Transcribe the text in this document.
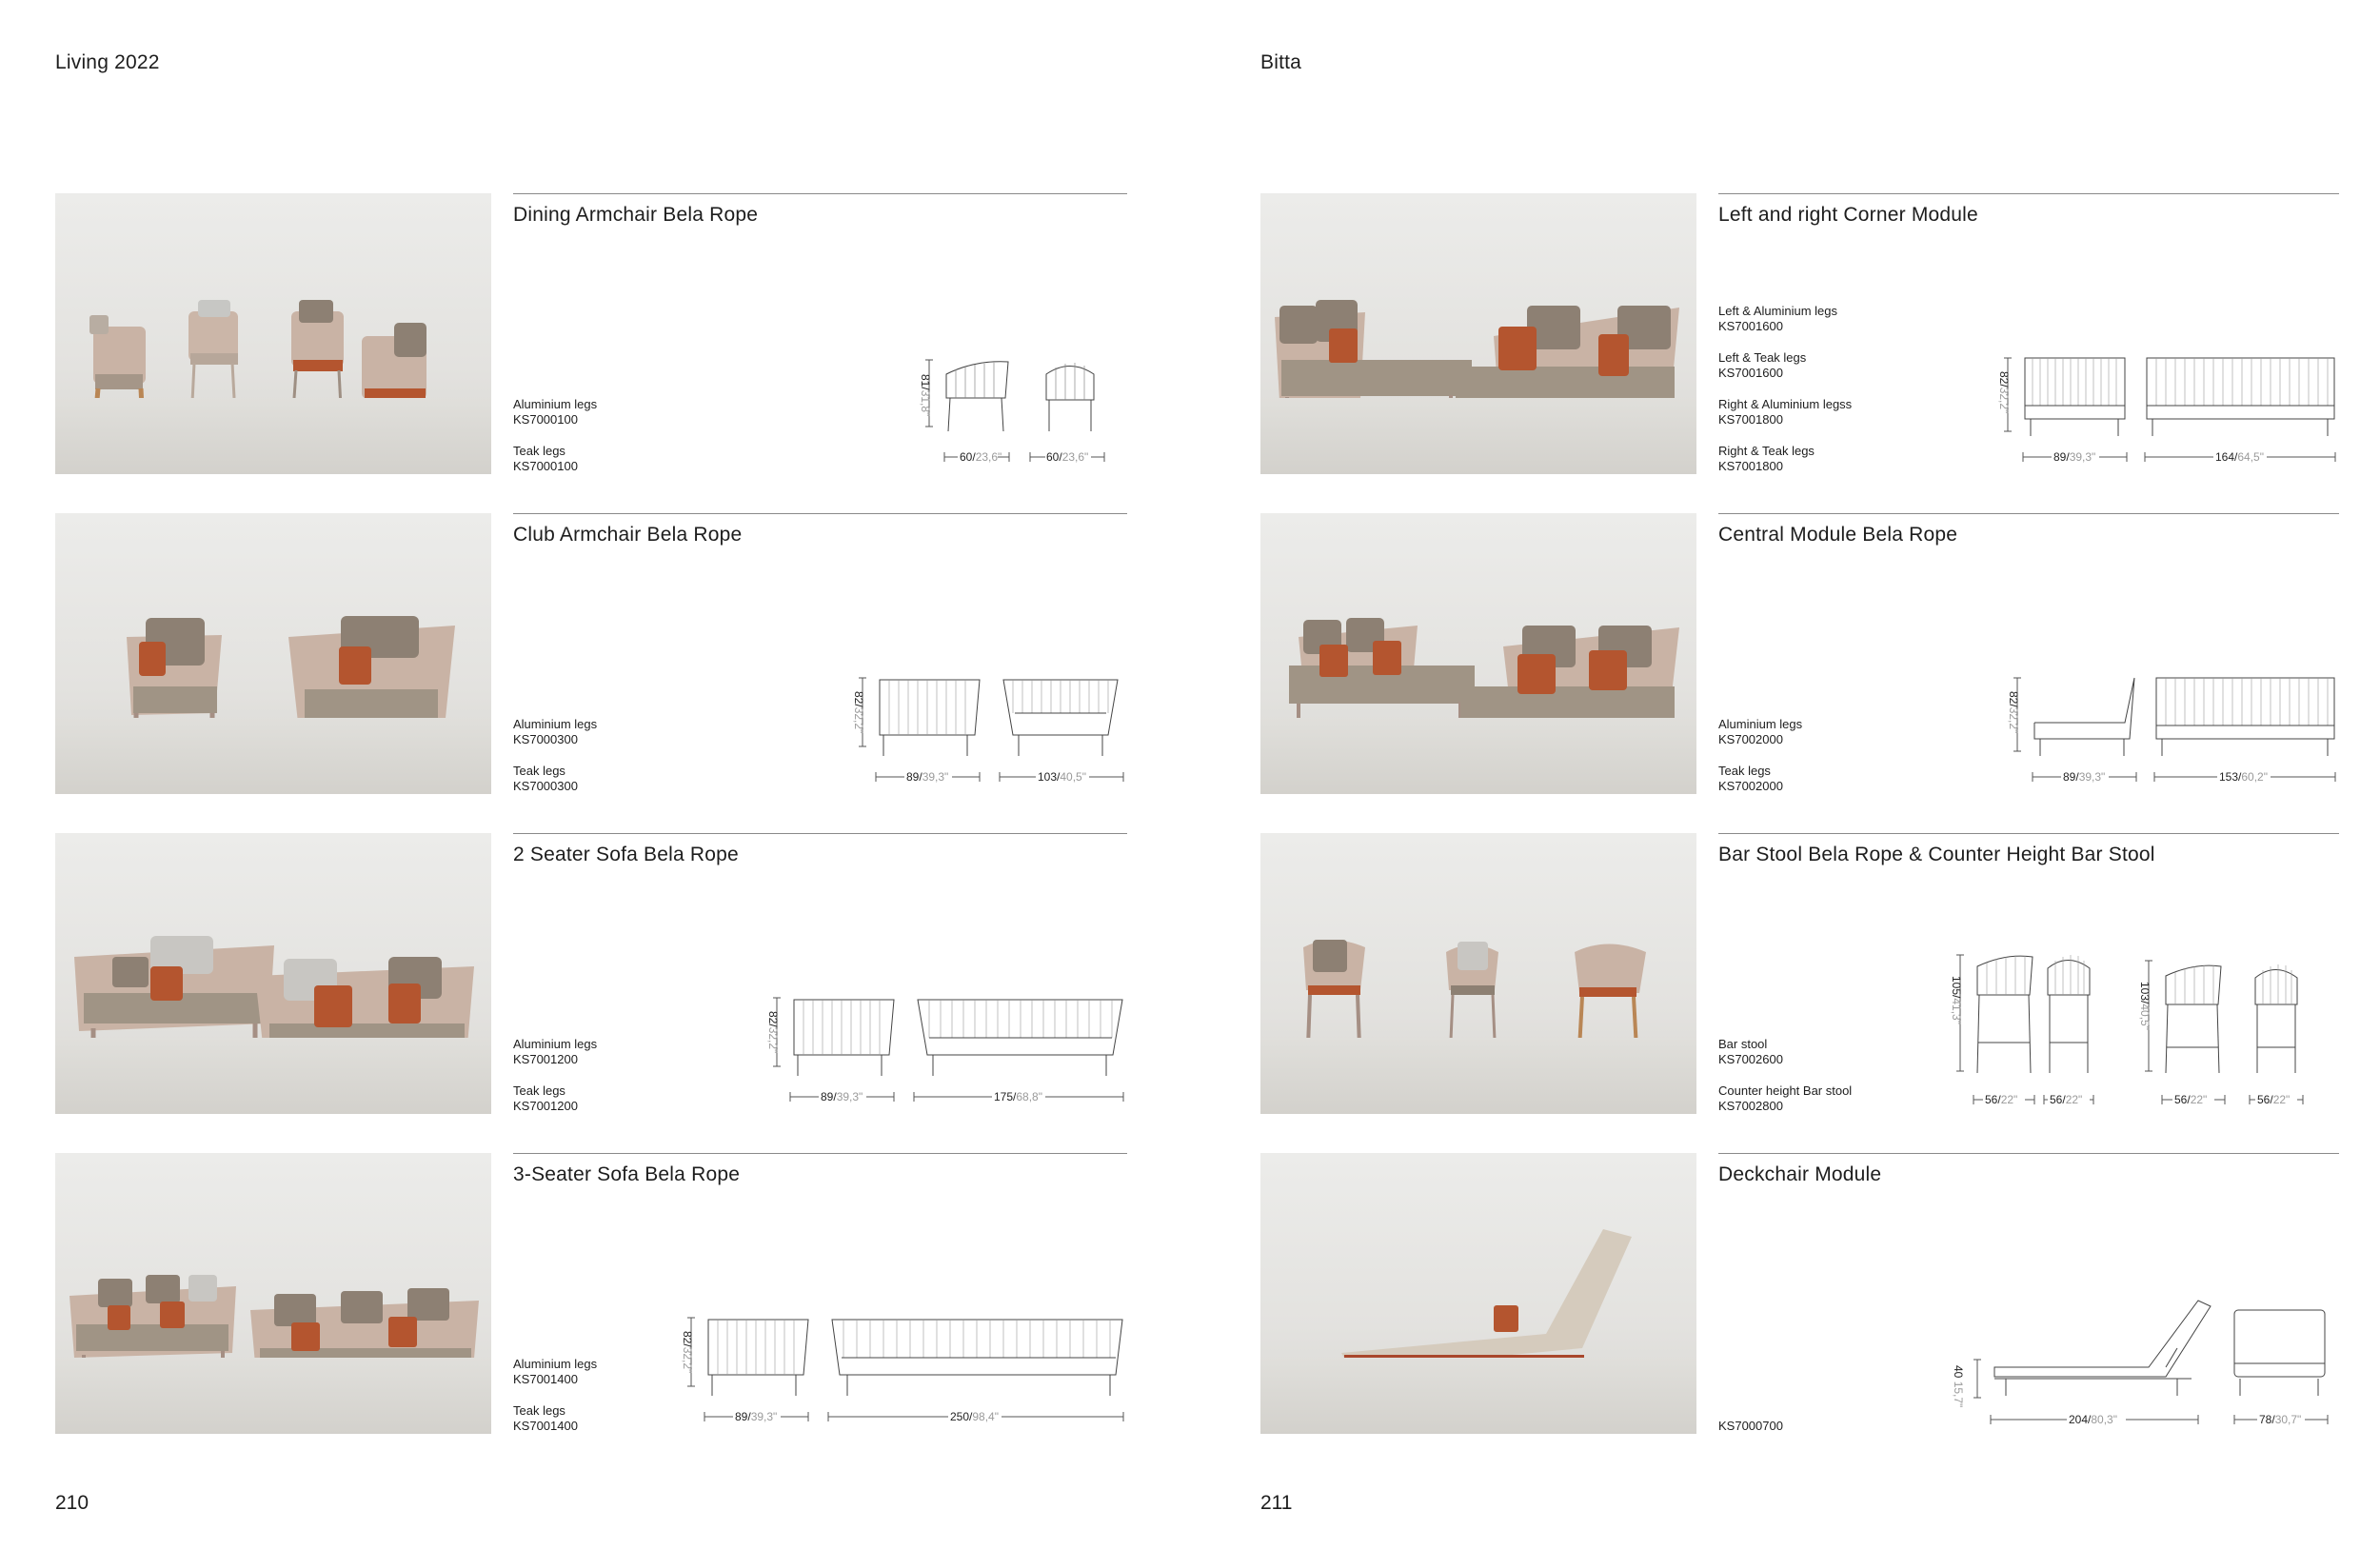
Living 2022
Dining Armchair Bela Rope
Aluminium legs
KS7000100
Teak legs
KS7000100
81/31,8"
60/23,6"	60/23,6"
Club Armchair Bela Rope
Aluminium legs
KS7000300
Teak legs
KS7000300
82/32,2"
89/39,3"	103/40,5"
2 Seater Sofa Bela Rope
Aluminium legs
KS7001200
Teak legs
KS7001200
82/32,2"
89/39,3"	175/68,8"
3-Seater Sofa Bela Rope
Aluminium legs
KS7001400
Teak legs
KS7001400
82/32,2"
89/39,3"	250/98,4"
210
Bitta
Left and right Corner Module
Left & Aluminium legs
KS7001600
Left & Teak legs
KS7001600
Right & Aluminium legss
KS7001800
Right & Teak legs
KS7001800
82/32,2"
89/39,3"	164/64,5"
Central Module Bela Rope
Aluminium legs
KS7002000
Teak legs
KS7002000
82/32,2"
89/39,3"	153/60,2"
Bar Stool Bela Rope & Counter Height Bar Stool
Bar stool
KS7002600
Counter height Bar stool
KS7002800
105/41,3"
103/40,5"
56/22"	56/22"	56/22"	56/22"
Deckchair Module
KS7000700
40 15,7"
204/80,3"	78/30,7"
211
